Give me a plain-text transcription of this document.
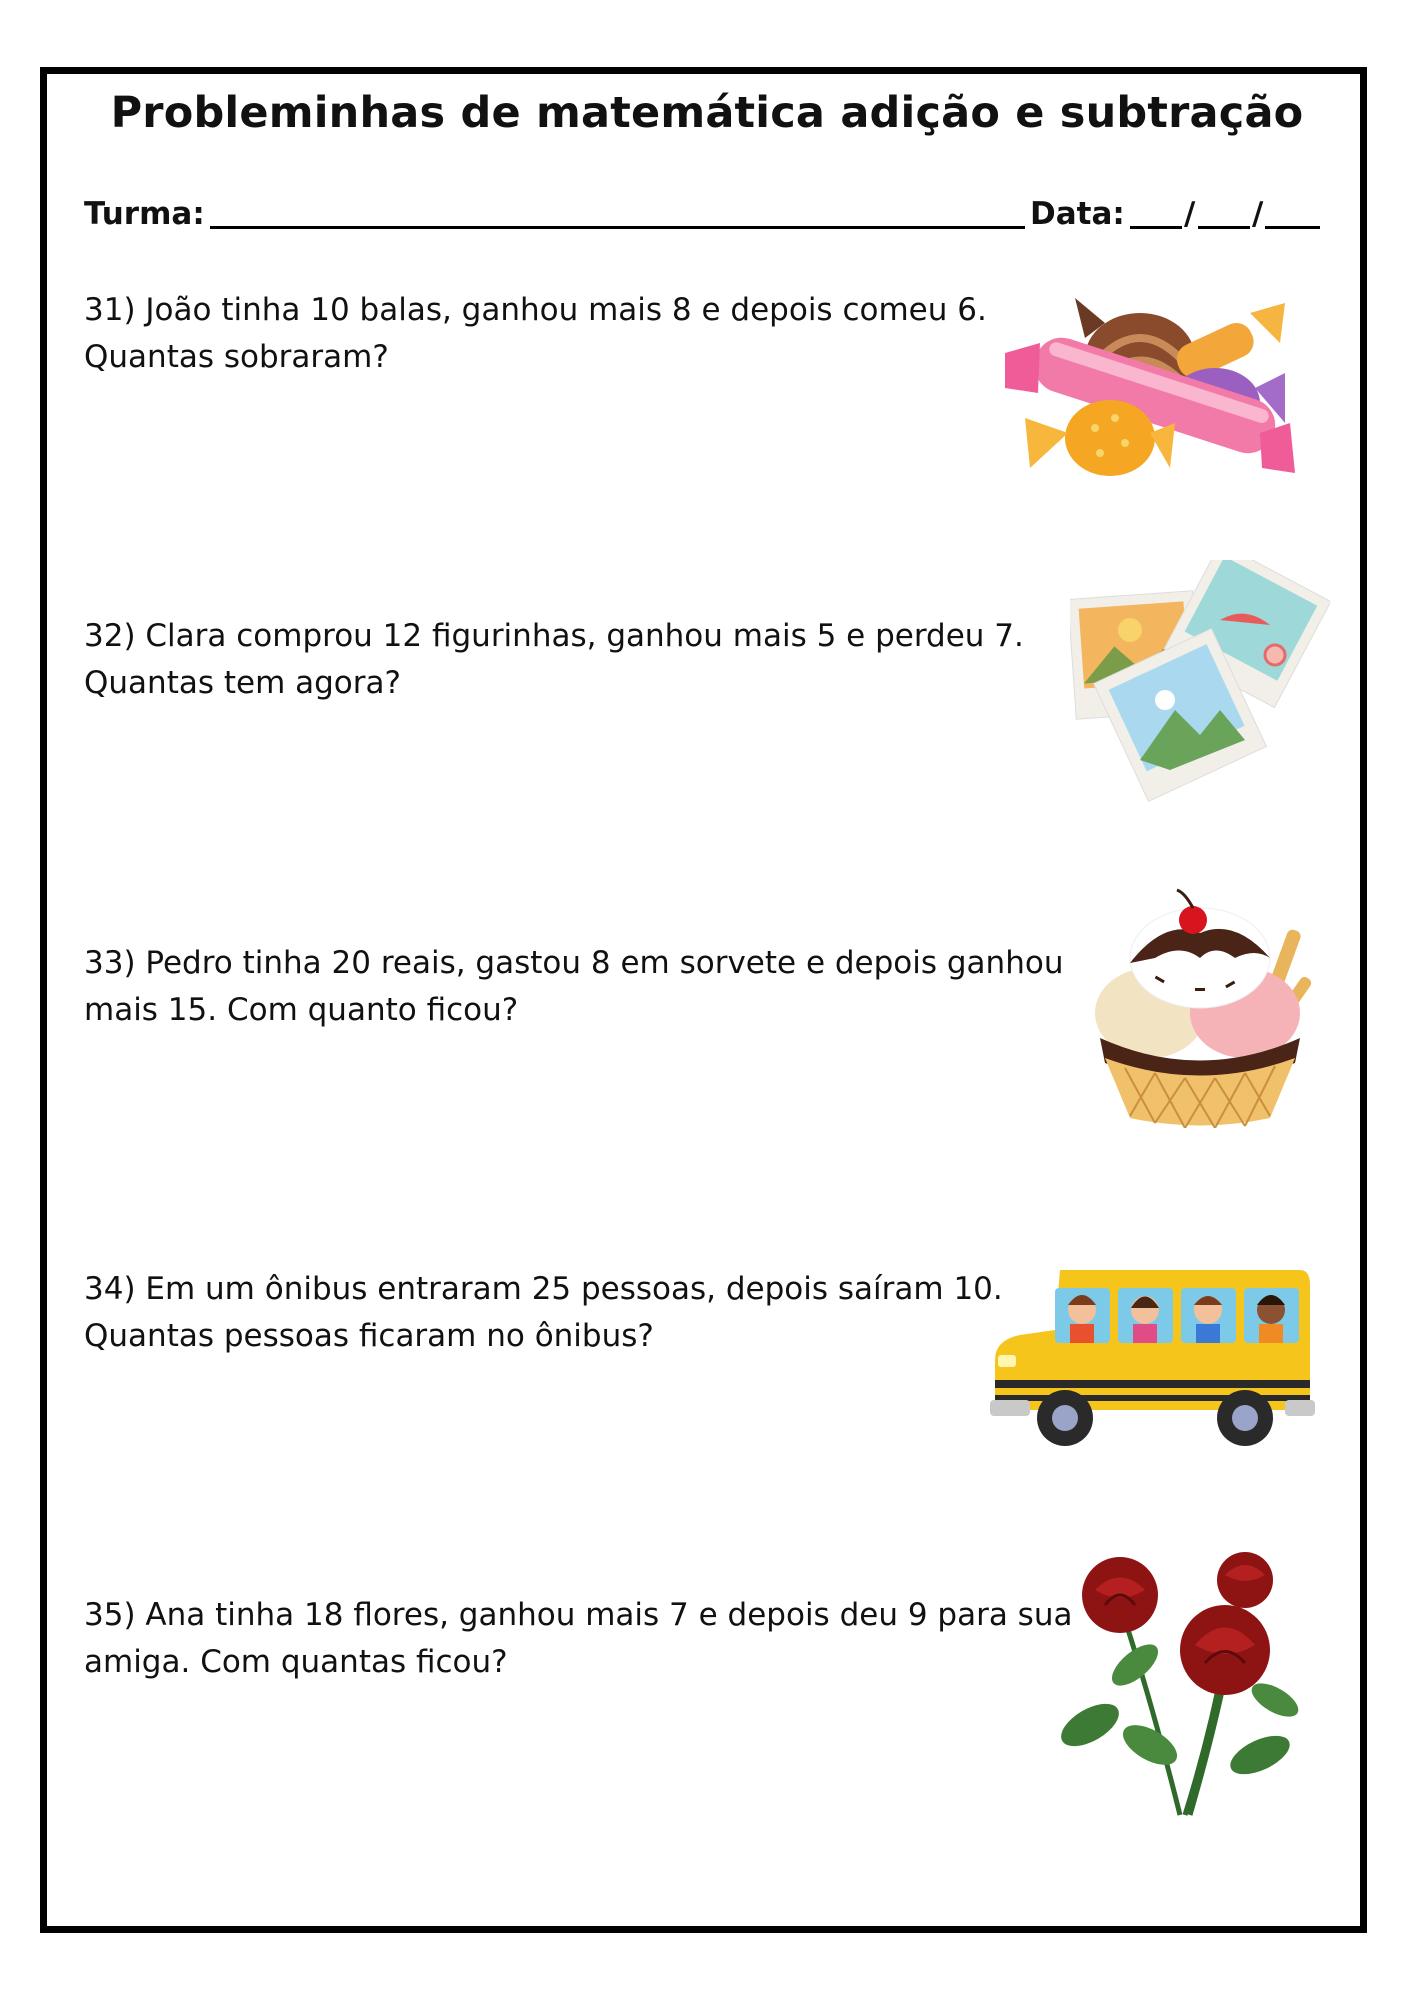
Probleminhas de matemática adição e subtração
Turma:	Data: / /
31) João tinha 10 balas, ganhou mais 8 e depois comeu 6.
Quantas sobraram?
32) Clara comprou 12 figurinhas, ganhou mais 5 e perdeu 7.
Quantas tem agora?
33) Pedro tinha 20 reais, gastou 8 em sorvete e depois ganhou
mais 15. Com quanto ficou?
34) Em um ônibus entraram 25 pessoas, depois saíram 10.
Quantas pessoas ficaram no ônibus?
35) Ana tinha 18 flores, ganhou mais 7 e depois deu 9 para sua
amiga. Com quantas ficou?
